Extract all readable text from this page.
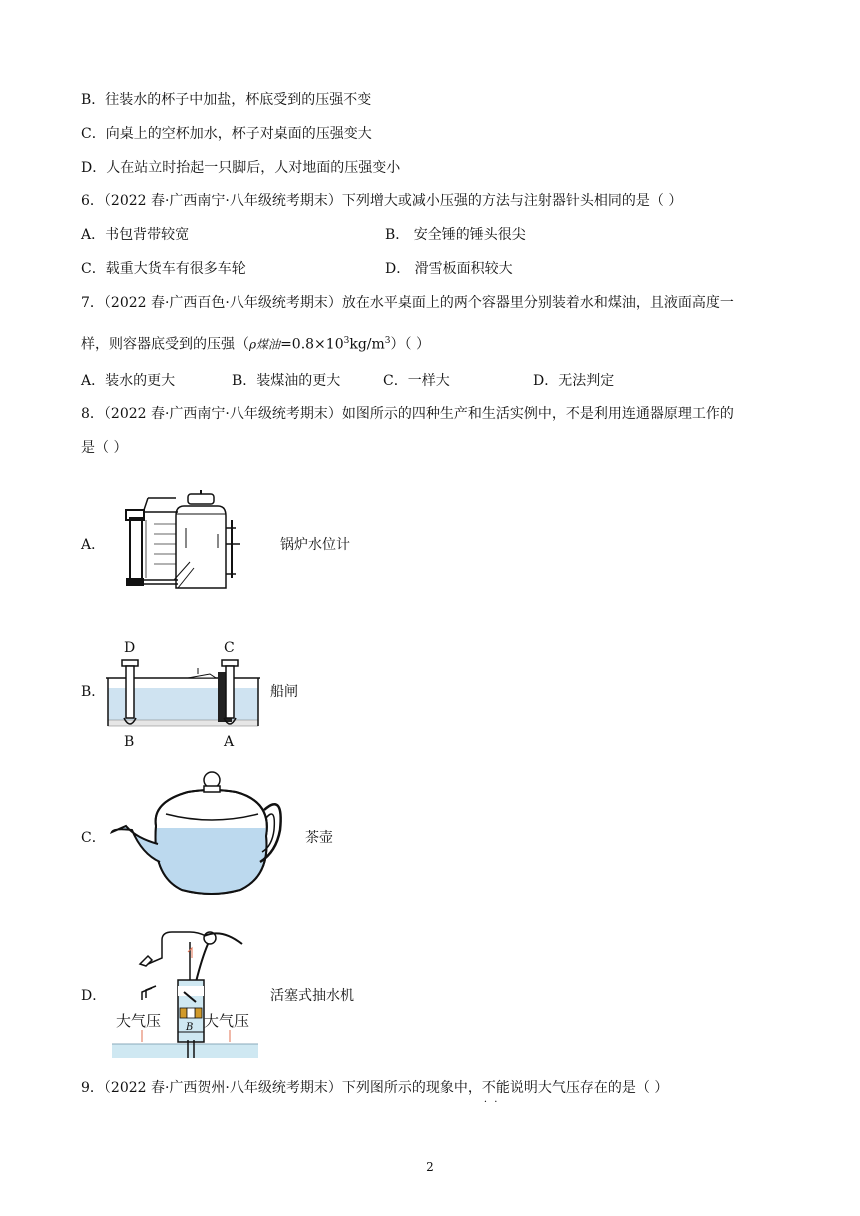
B．往装水的杯子中加盐，杯底受到的压强不变
C．向桌上的空杯加水，杯子对桌面的压强变大
D．人在站立时抬起一只脚后，人对地面的压强变小
6．（2022 春·广西南宁·八年级统考期末）下列增大或减小压强的方法与注射器针头相同的是（ ）
A．书包背带较宽	B． 安全锤的锤头很尖
C．载重大货车有很多车轮	D． 滑雪板面积较大
7．（2022 春·广西百色·八年级统考期末）放在水平桌面上的两个容器里分别装着水和煤油，且液面高度一
样，则容器底受到的压强（ρ煤油$=0.8\times 10^3kg/m^3$）（ ）
A．装水的更大	B．装煤油的更大	C．一样大	D．无法判定
8．（2022 春·广西南宁·八年级统考期末）如图所示的四种生产和生活实例中，不是利用连通器原理工作的
是（ ）
A．	锅炉水位计
B．
D	C
B	A
船闸
C．	茶壶
D．
B
大气压	大气压
活塞式抽水机
9．（2022 春·广西贺州·八年级统考期末）下列图所示的现象中，不能 · ·说明大气压存在的是（ ）
2
